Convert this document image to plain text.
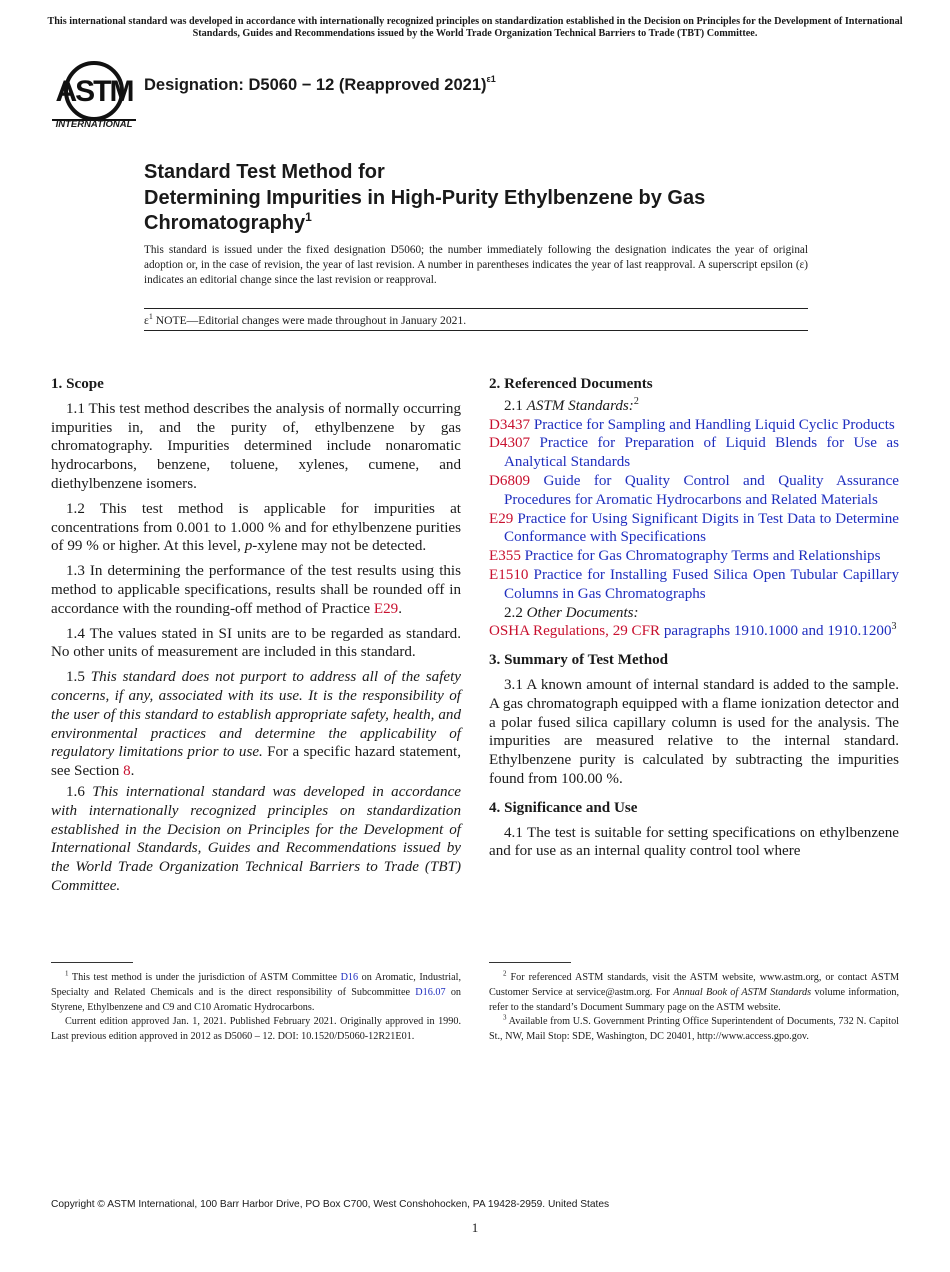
This international standard was developed in accordance with internationally recognized principles on standardization established in the Decision on Principles for the Development of International Standards, Guides and Recommendations issued by the World Trade Organization Technical Barriers to Trade (TBT) Committee.
ASTM
INTERNATIONAL
Designation: D5060 − 12 (Reapproved 2021)$^{\varepsilon 1}$
Standard Test Method for
Determining Impurities in High-Purity Ethylbenzene by Gas Chromatography$^1$
This standard is issued under the fixed designation D5060; the number immediately following the designation indicates the year of original adoption or, in the case of revision, the year of last revision. A number in parentheses indicates the year of last reapproval. A superscript epsilon (ε) indicates an editorial change since the last revision or reapproval.
$\varepsilon^1$ NOTE—Editorial changes were made throughout in January 2021.
1. Scope

1.1 This test method describes the analysis of normally occurring impurities in, and the purity of, ethylbenzene by gas chromatography. Impurities determined include nonaromatic hydrocarbons, benzene, toluene, xylenes, cumene, and diethylbenzene isomers.

1.2 This test method is applicable for impurities at concentrations from 0.001 to 1.000 % and for ethylbenzene purities of 99 % or higher. At this level, p-xylene may not be detected.

1.3 In determining the performance of the test results using this method to applicable specifications, results shall be rounded off in accordance with the rounding-off method of Practice E29.

1.4 The values stated in SI units are to be regarded as standard. No other units of measurement are included in this standard.

1.5 This standard does not purport to address all of the safety concerns, if any, associated with its use. It is the responsibility of the user of this standard to establish appropriate safety, health, and environmental practices and determine the applicability of regulatory limitations prior to use. For a specific hazard statement, see Section 8.

1.6 This international standard was developed in accordance with internationally recognized principles on standardization established in the Decision on Principles for the Development of International Standards, Guides and Recommendations issued by the World Trade Organization Technical Barriers to Trade (TBT) Committee.

2. Referenced Documents
2.1 ASTM Standards:$^2$
D3437 Practice for Sampling and Handling Liquid Cyclic Products
D4307 Practice for Preparation of Liquid Blends for Use as Analytical Standards
D6809 Guide for Quality Control and Quality Assurance Procedures for Aromatic Hydrocarbons and Related Materials
E29 Practice for Using Significant Digits in Test Data to Determine Conformance with Specifications
E355 Practice for Gas Chromatography Terms and Relationships
E1510 Practice for Installing Fused Silica Open Tubular Capillary Columns in Gas Chromatographs
2.2 Other Documents:
OSHA Regulations, 29 CFR paragraphs 1910.1000 and 1910.1200$^3$
3. Summary of Test Method

3.1 A known amount of internal standard is added to the sample. A gas chromatograph equipped with a flame ionization detector and a polar fused silica capillary column is used for the analysis. The impurities are measured relative to the internal standard. Ethylbenzene purity is calculated by subtracting the impurities found from 100.00 %.

4. Significance and Use

4.1 The test is suitable for setting specifications on ethylbenzene and for use as an internal quality control tool where

$^1$ This test method is under the jurisdiction of ASTM Committee D16 on Aromatic, Industrial, Specialty and Related Chemicals and is the direct responsibility of Subcommittee D16.07 on Styrene, Ethylbenzene and C9 and C10 Aromatic Hydrocarbons.

Current edition approved Jan. 1, 2021. Published February 2021. Originally approved in 1990. Last previous edition approved in 2012 as D5060 – 12. DOI: 10.1520/D5060-12R21E01.

$^2$ For referenced ASTM standards, visit the ASTM website, www.astm.org, or contact ASTM Customer Service at service@astm.org. For Annual Book of ASTM Standards volume information, refer to the standard’s Document Summary page on the ASTM website.

$^3$ Available from U.S. Government Printing Office Superintendent of Documents, 732 N. Capitol St., NW, Mail Stop: SDE, Washington, DC 20401, http://www.access.gpo.gov.

Copyright © ASTM International, 100 Barr Harbor Drive, PO Box C700, West Conshohocken, PA 19428-2959. United States
1
